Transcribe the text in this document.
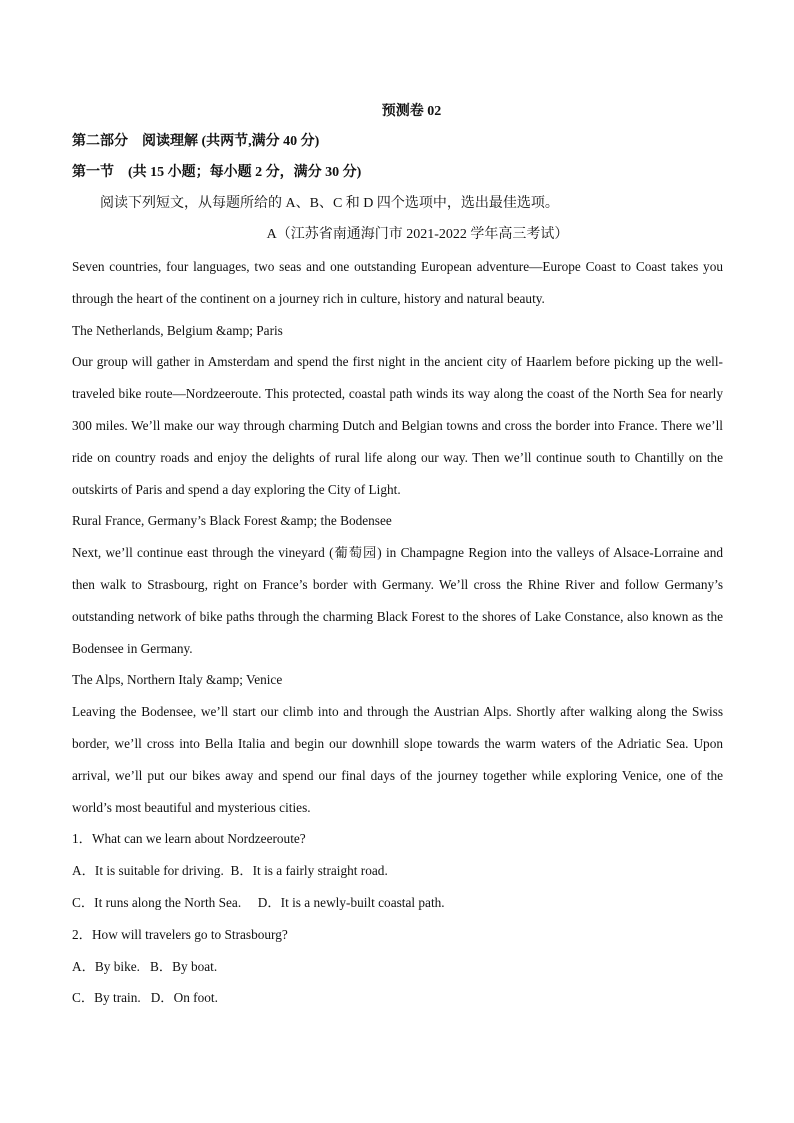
预测卷 02
第二部分　阅读理解 (共两节,满分 40 分)
第一节　(共 15 小题；每小题 2 分，满分 30 分)
阅读下列短文，从每题所给的 A、B、C 和 D 四个选项中，选出最佳选项。
A（江苏省南通海门市 2021-2022 学年高三考试）

Seven countries, four languages, two seas and one outstanding European adventure—Europe Coast to Coast takes you through the heart of the continent on a journey rich in culture, history and natural beauty.

The Netherlands, Belgium &amp; Paris

Our group will gather in Amsterdam and spend the first night in the ancient city of Haarlem before picking up the well-traveled bike route—Nordzeeroute. This protected, coastal path winds its way along the coast of the North Sea for nearly 300 miles. We’ll make our way through charming Dutch and Belgian towns and cross the border into France. There we’ll ride on country roads and enjoy the delights of rural life along our way. Then we’ll continue south to Chantilly on the outskirts of Paris and spend a day exploring the City of Light.

Rural France, Germany’s Black Forest &amp; the Bodensee

Next, we’ll continue east through the vineyard (葡萄园) in Champagne Region into the valleys of Alsace-Lorraine and then walk to Strasbourg, right on France’s border with Germany. We’ll cross the Rhine River and follow Germany’s outstanding network of bike paths through the charming Black Forest to the shores of Lake Constance, also known as the Bodensee in Germany.

The Alps, Northern Italy &amp; Venice

Leaving the Bodensee, we’ll start our climb into and through the Austrian Alps. Shortly after walking along the Swiss border, we’ll cross into Bella Italia and begin our downhill slope towards the warm waters of the Adriatic Sea. Upon arrival, we’ll put our bikes away and spend our final days of the journey together while exploring Venice, one of the world’s most beautiful and mysterious cities.

1．What can we learn about Nordzeeroute?
A．It is suitable for driving. B．It is a fairly straight road.
C．It runs along the North Sea. D．It is a newly-built coastal path.
2．How will travelers go to Strasbourg?
A．By bike. B．By boat.
C．By train. D．On foot.
